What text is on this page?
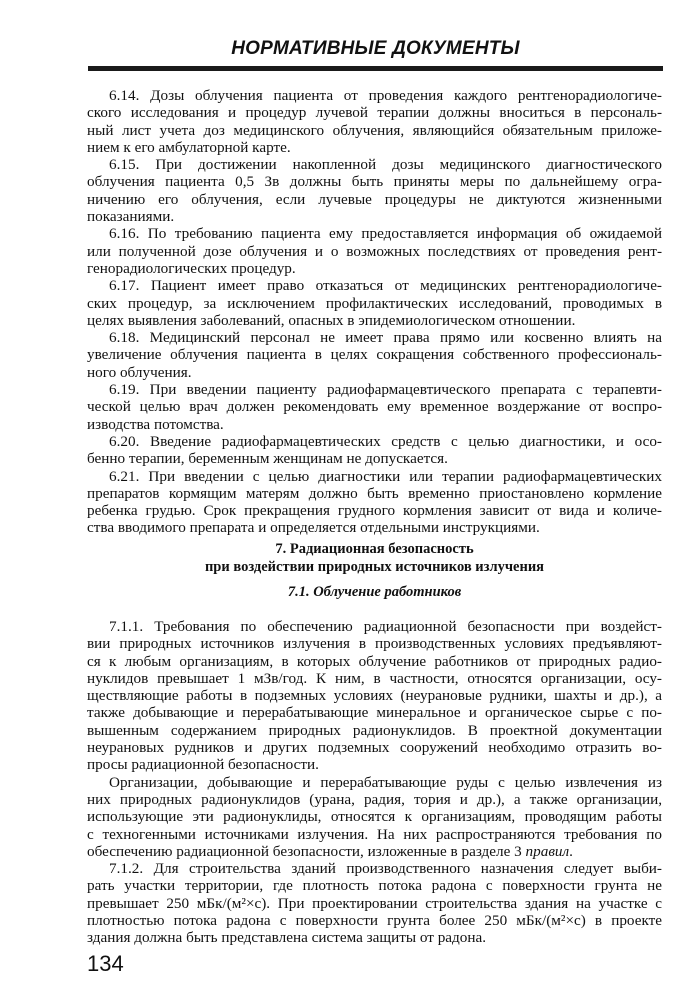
НОРМАТИВНЫЕ ДОКУМЕНТЫ
6.14. Дозы облучения пациента от проведения каждого рентгенорадиологиче-
ского исследования и процедур лучевой терапии должны вноситься в персональ-
ный лист учета доз медицинского облучения, являющийся обязательным приложе-
нием к его амбулаторной карте.
6.15. При достижении накопленной дозы медицинского диагностического
облучения пациента 0,5 Зв должны быть приняты меры по дальнейшему огра-
ничению его облучения, если лучевые процедуры не диктуются жизненными
показаниями.
6.16. По требованию пациента ему предоставляется информация об ожидаемой
или полученной дозе облучения и о возможных последствиях от проведения рент-
генорадиологических процедур.
6.17. Пациент имеет право отказаться от медицинских рентгенорадиологиче-
ских процедур, за исключением профилактических исследований, проводимых в
целях выявления заболеваний, опасных в эпидемиологическом отношении.
6.18. Медицинский персонал не имеет права прямо или косвенно влиять на
увеличение облучения пациента в целях сокращения собственного профессиональ-
ного облучения.
6.19. При введении пациенту радиофармацевтического препарата с терапевти-
ческой целью врач должен рекомендовать ему временное воздержание от воспро-
изводства потомства.
6.20. Введение радиофармацевтических средств с целью диагностики, и осо-
бенно терапии, беременным женщинам не допускается.
6.21. При введении с целью диагностики или терапии радиофармацевтических
препаратов кормящим матерям должно быть временно приостановлено кормление
ребенка грудью. Срок прекращения грудного кормления зависит от вида и количе-
ства вводимого препарата и определяется отдельными инструкциями.
7. Радиационная безопасность
при воздействии природных источников излучения
7.1. Облучение работников
7.1.1. Требования по обеспечению радиационной безопасности при воздейст-
вии природных источников излучения в производственных условиях предъявляют-
ся к любым организациям, в которых облучение работников от природных радио-
нуклидов превышает 1 мЗв/год. К ним, в частности, относятся организации, осу-
ществляющие работы в подземных условиях (неурановые рудники, шахты и др.), а
также добывающие и перерабатывающие минеральное и органическое сырье с по-
вышенным содержанием природных радионуклидов. В проектной документации
неурановых рудников и других подземных сооружений необходимо отразить во-
просы радиационной безопасности.
Организации, добывающие и перерабатывающие руды с целью извлечения из
них природных радионуклидов (урана, радия, тория и др.), а также организации,
использующие эти радионуклиды, относятся к организациям, проводящим работы
с техногенными источниками излучения. На них распространяются требования по
обеспечению радиационной безопасности, изложенные в разделе 3 правил.
7.1.2. Для строительства зданий производственного назначения следует выби-
рать участки территории, где плотность потока радона с поверхности грунта не
превышает 250 мБк/(м²×с). При проектировании строительства здания на участке с
плотностью потока радона с поверхности грунта более 250 мБк/(м²×с) в проекте
здания должна быть представлена система защиты от радона.
134
